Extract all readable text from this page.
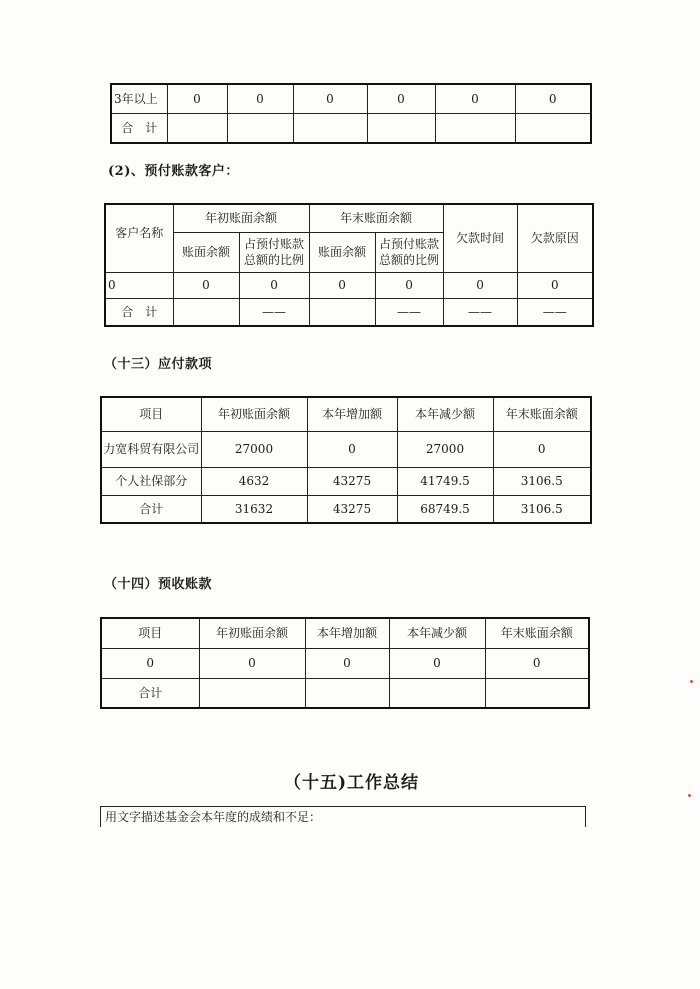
3年以上	0	0	0	0	0	0
合　计						
(2)、预付账款客户：
客户名称	年初账面余额		年末账面余额		欠款时间	欠款原因
	账面余额	占预付账款总额的比例	账面余额	占预付账款总额的比例		
0	0	0	0	0	0	0
合　计		——		——	——	——
（十三）应付款项
项目	年初账面余额	本年增加额	本年减少额	年末账面余额
力宽科贸有限公司	27000	0	27000	0
个人社保部分	4632	43275	41749.5	3106.5
合计	31632	43275	68749.5	3106.5
（十四）预收账款
项目	年初账面余额	本年增加额	本年减少额	年末账面余额
0	0	0	0	0
合计				
（十五)工作总结
用文字描述基金会本年度的成绩和不足：
